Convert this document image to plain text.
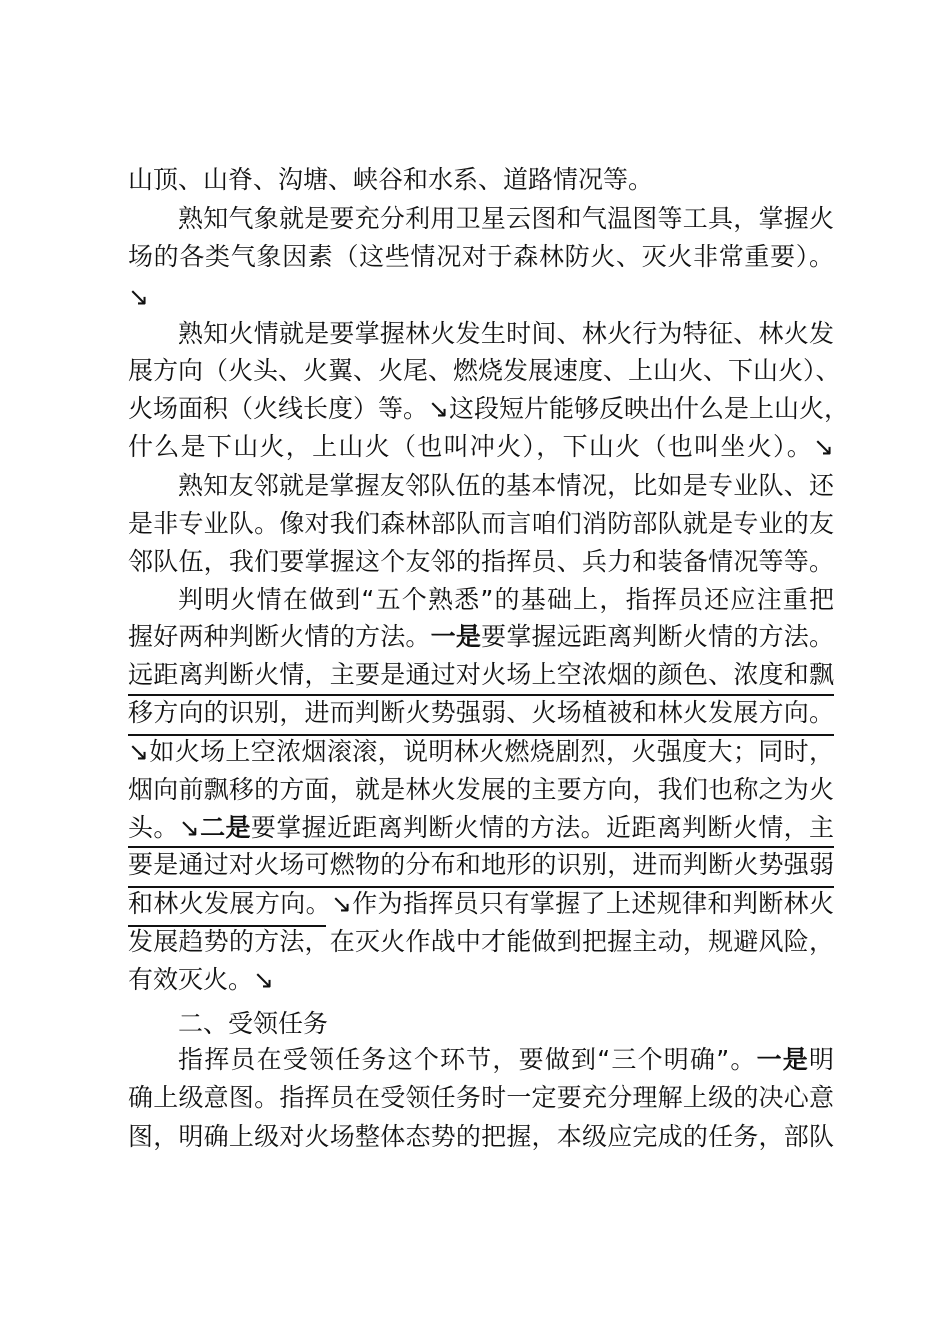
山顶、山脊、沟塘、峡谷和水系、道路情况等。
熟知气象就是要充分利用卫星云图和气温图等工具，掌握火
场的各类气象因素（这些情况对于森林防火、灭火非常重要）。
↘
熟知火情就是要掌握林火发生时间、林火行为特征、林火发
展方向（火头、火翼、火尾、燃烧发展速度、上山火、下山火）、
火场面积（火线长度）等。↘这段短片能够反映出什么是上山火，
什么是下山火，上山火（也叫冲火），下山火（也叫坐火）。↘
熟知友邻就是掌握友邻队伍的基本情况，比如是专业队、还
是非专业队。像对我们森林部队而言咱们消防部队就是专业的友
邻队伍，我们要掌握这个友邻的指挥员、兵力和装备情况等等。
判明火情在做到“五个熟悉”的基础上，指挥员还应注重把
握好两种判断火情的方法。一是要掌握远距离判断火情的方法。
远距离判断火情，主要是通过对火场上空浓烟的颜色、浓度和飘
移方向的识别，进而判断火势强弱、火场植被和林火发展方向。
↘如火场上空浓烟滚滚，说明林火燃烧剧烈，火强度大；同时，
烟向前飘移的方面，就是林火发展的主要方向，我们也称之为火
头。↘二是要掌握近距离判断火情的方法。近距离判断火情，主
要是通过对火场可燃物的分布和地形的识别，进而判断火势强弱
和林火发展方向。↘作为指挥员只有掌握了上述规律和判断林火
发展趋势的方法，在灭火作战中才能做到把握主动，规避风险，
有效灭火。↘
二、受领任务
指挥员在受领任务这个环节，要做到“三个明确”。一是明
确上级意图。指挥员在受领任务时一定要充分理解上级的决心意
图，明确上级对火场整体态势的把握，本级应完成的任务，部队
